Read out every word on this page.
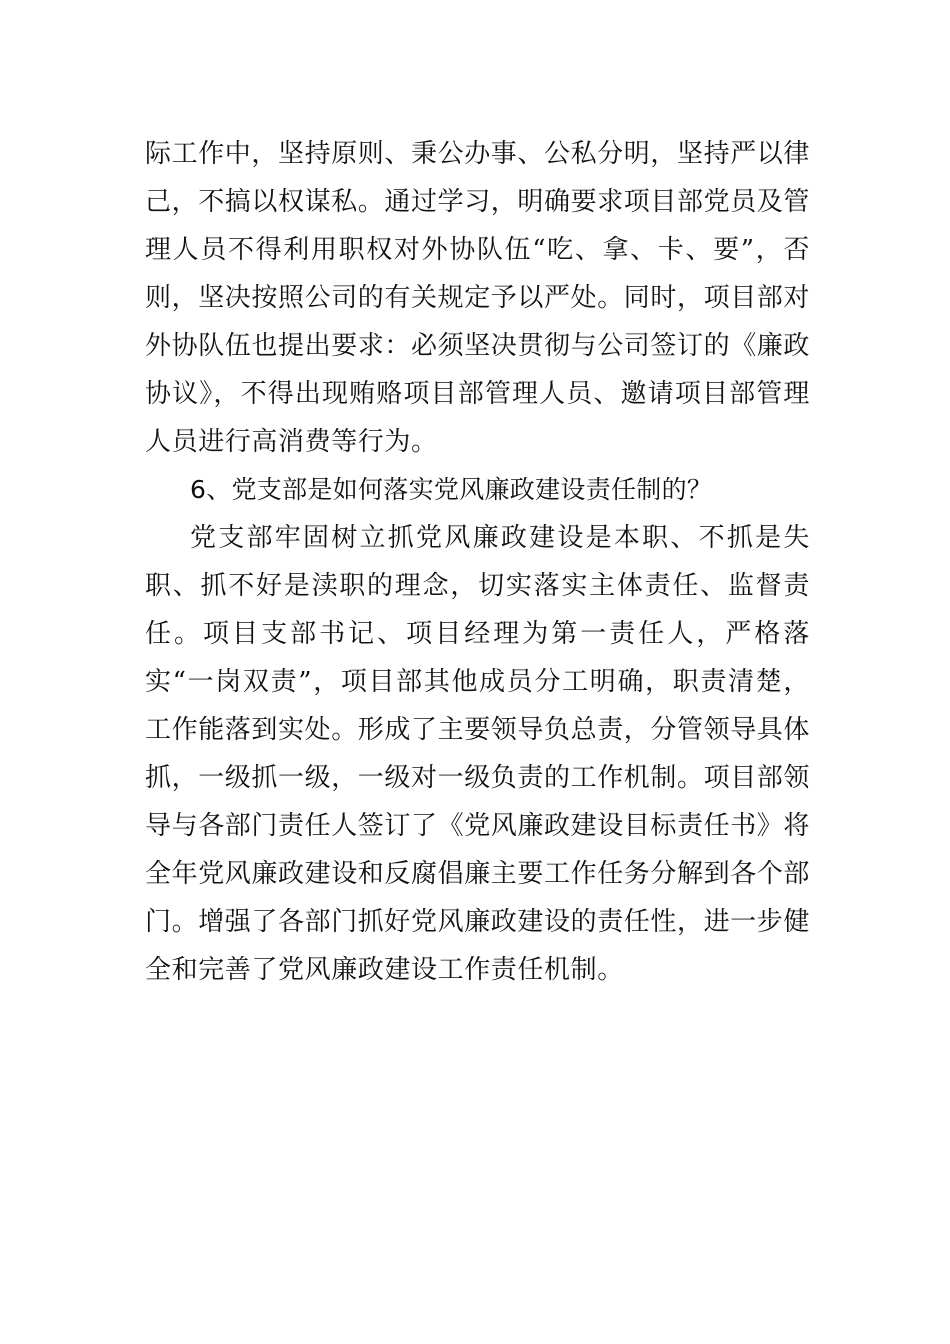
际工作中，坚持原则、秉公办事、公私分明，坚持严以律己，不搞以权谋私。通过学习，明确要求项目部党员及管理人员不得利用职权对外协队伍“吃、拿、卡、要”，否则，坚决按照公司的有关规定予以严处。同时，项目部对外协队伍也提出要求：必须坚决贯彻与公司签订的《廉政协议》，不得出现贿赂项目部管理人员、邀请项目部管理人员进行高消费等行为。

6、党支部是如何落实党风廉政建设责任制的？

党支部牢固树立抓党风廉政建设是本职、不抓是失职、抓不好是渎职的理念，切实落实主体责任、监督责任。项目支部书记、项目经理为第一责任人，严格落实“一岗双责”，项目部其他成员分工明确，职责清楚，工作能落到实处。形成了主要领导负总责，分管领导具体抓，一级抓一级，一级对一级负责的工作机制。项目部领导与各部门责任人签订了《党风廉政建设目标责任书》将全年党风廉政建设和反腐倡廉主要工作任务分解到各个部门。增强了各部门抓好党风廉政建设的责任性，进一步健全和完善了党风廉政建设工作责任机制。
